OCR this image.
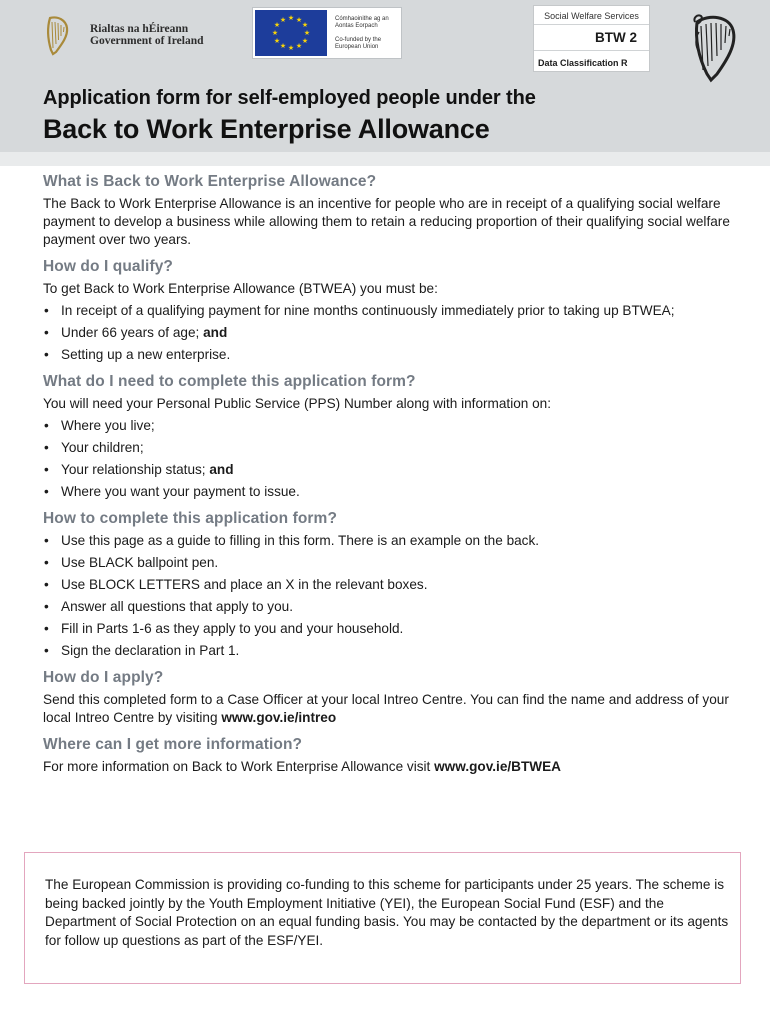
Rialtas na hÉireann
Government of Ireland
★ ★
★
★
★
★
★
★
★
★
★
★	Cómhaoinithe ag an Aontas Eorpach
Co-funded by the European Union
Social Welfare Services
BTW 2
Data Classification R
Application form for self-employed people under the
Back to Work Enterprise Allowance
What is Back to Work Enterprise Allowance?
The Back to Work Enterprise Allowance is an incentive for people who are in receipt of a qualifying social welfare payment to develop a business while allowing them to retain a reducing proportion of their qualifying social welfare payment over two years.
How do I qualify?
To get Back to Work Enterprise Allowance (BTWEA) you must be:
• In receipt of a qualifying payment for nine months continuously immediately prior to taking up BTWEA;
• Under 66 years of age; and
• Setting up a new enterprise.
What do I need to complete this application form?
You will need your Personal Public Service (PPS) Number along with information on:
• Where you live;
• Your children;
• Your relationship status; and
• Where you want your payment to issue.
How to complete this application form?
• Use this page as a guide to filling in this form. There is an example on the back.
• Use BLACK ballpoint pen.
• Use BLOCK LETTERS and place an X in the relevant boxes.
• Answer all questions that apply to you.
• Fill in Parts 1-6 as they apply to you and your household.
• Sign the declaration in Part 1.
How do I apply?
Send this completed form to a Case Officer at your local Intreo Centre. You can find the name and address of your local Intreo Centre by visiting www.gov.ie/intreo
Where can I get more information?
For more information on Back to Work Enterprise Allowance visit www.gov.ie/BTWEA
The European Commission is providing co-funding to this scheme for participants under 25 years. The scheme is being backed jointly by the Youth Employment Initiative (YEI), the European Social Fund (ESF) and the Department of Social Protection on an equal funding basis. You may be contacted by the department or its agents for follow up questions as part of the ESF/YEI.
